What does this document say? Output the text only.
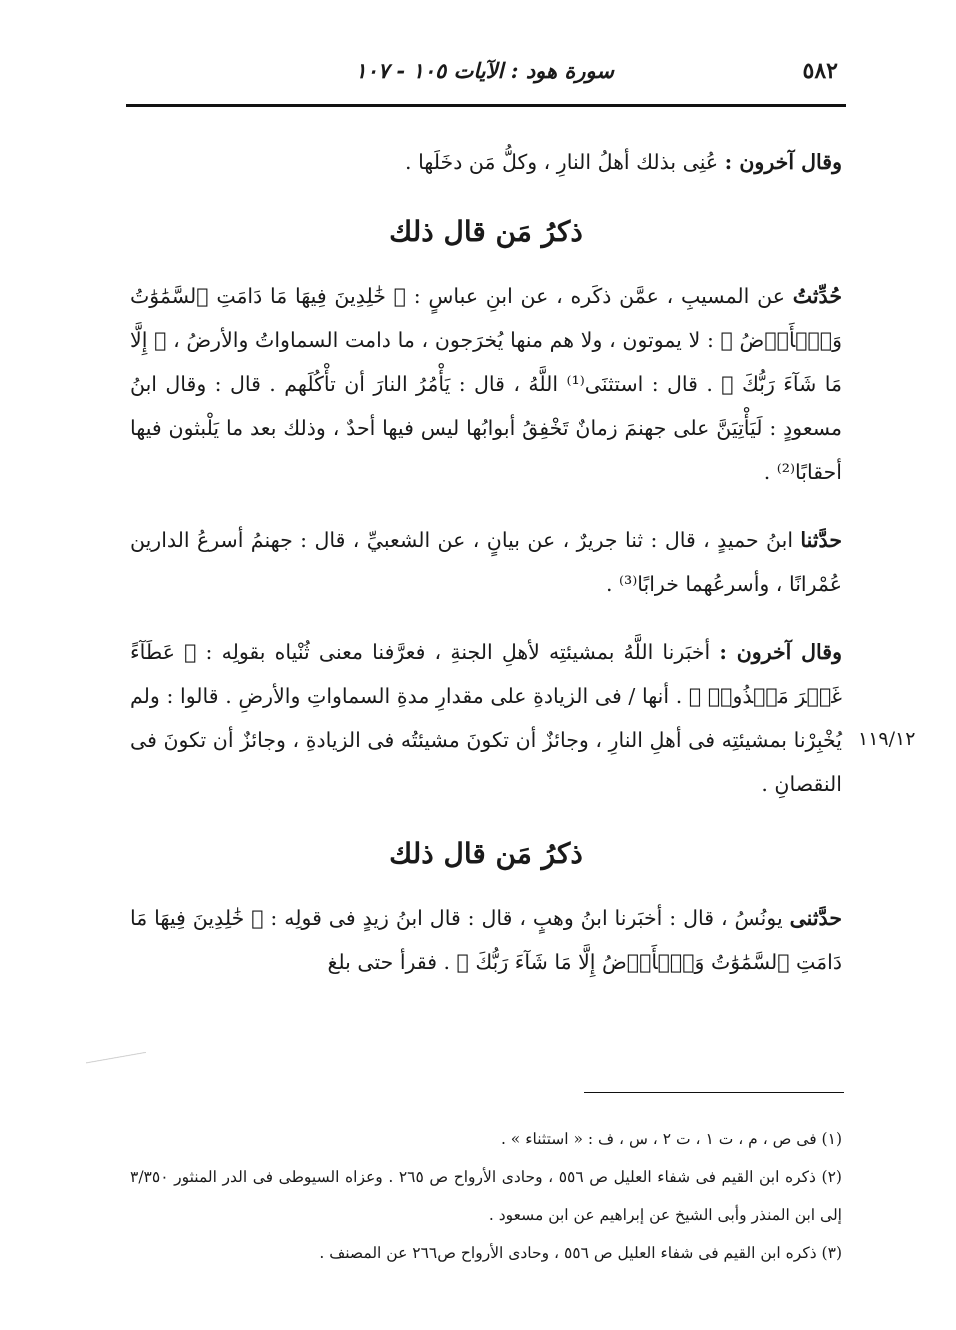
٥٨٢
سورة هود : الآيات ١٠٥ - ١٠٧

وقال آخرون : عُنِى بذلك أهلُ النارِ ، وكلُّ مَن دخَلَها .

ذكرُ مَن قال ذلك

حُدِّثتُ عن المسيبِ ، عمَّن ذكَره ، عن ابنِ عباسٍ : ﴿ خَٰلِدِينَ فِيهَا مَا دَامَتِ ٱلسَّمَٰوَٰتُ وَٱلۡأَرۡضُ ﴾ : لا يموتون ، ولا هم منها يُخرَجون ، ما دامت السماواتُ والأرضُ ، ﴿ إِلَّا مَا شَآءَ رَبُّكَ ﴾ . قال : استثنَى⁽¹⁾ اللَّهُ ، قال : يَأْمُرُ النارَ أن تأْكُلَهم . قال : وقال ابنُ مسعودٍ : لَيَأْتِيَنَّ على جهنمَ زمانٌ تَخْفِقُ أبوابُها ليس فيها أحدٌ ، وذلك بعد ما يَلْبثون فيها أحقابًا⁽²⁾ .

حدَّثنا ابنُ حميدٍ ، قال : ثنا جريرٌ ، عن بيانٍ ، عن الشعبيِّ ، قال : جهنمُ أسرعُ الدارين عُمْرانًا ، وأسرعُهما خرابًا⁽³⁾ .

وقال آخرون : أخبَرنا اللَّهُ بمشيئتِه لأهلِ الجنةِ ، فعرَّفنا معنى ثُنْياه بقولِه : ﴿ عَطَآءً غَيۡرَ مَجۡذُوذٖ ﴾ . أنها / فى الزيادةِ على مقدارِ مدةِ السماواتِ والأرضِ . قالوا : ولم يُخْبِرْنا بمشيئتِه فى أهلِ النارِ ، وجائزٌ أن تكونَ مشيئتُه فى الزيادةِ ، وجائزٌ أن تكونَ فى النقصانِ .

ذكرُ مَن قال ذلك

حدَّثنى يونُسُ ، قال : أخبَرنا ابنُ وهبٍ ، قال : قال ابنُ زيدٍ فى قولِه : ﴿ خَٰلِدِينَ فِيهَا مَا دَامَتِ ٱلسَّمَٰوَٰتُ وَٱلۡأَرۡضُ إِلَّا مَا شَآءَ رَبُّكَ ﴾ . فقرأ حتى بلغ

١١٩/١٢

(١) فى ص ، م ، ت ١ ، ت ٢ ، س ، ف : « استثناء » .

(٢) ذكره ابن القيم فى شفاء العليل ص ٥٥٦ ، وحادى الأرواح ص ٢٦٥ . وعزاه السيوطى فى الدر المنثور ٣/٣٥٠ إلى ابن المنذر وأبى الشيخ عن إبراهيم عن ابن مسعود .

(٣) ذكره ابن القيم فى شفاء العليل ص ٥٥٦ ، وحادى الأرواح ص٢٦٦ عن المصنف .
